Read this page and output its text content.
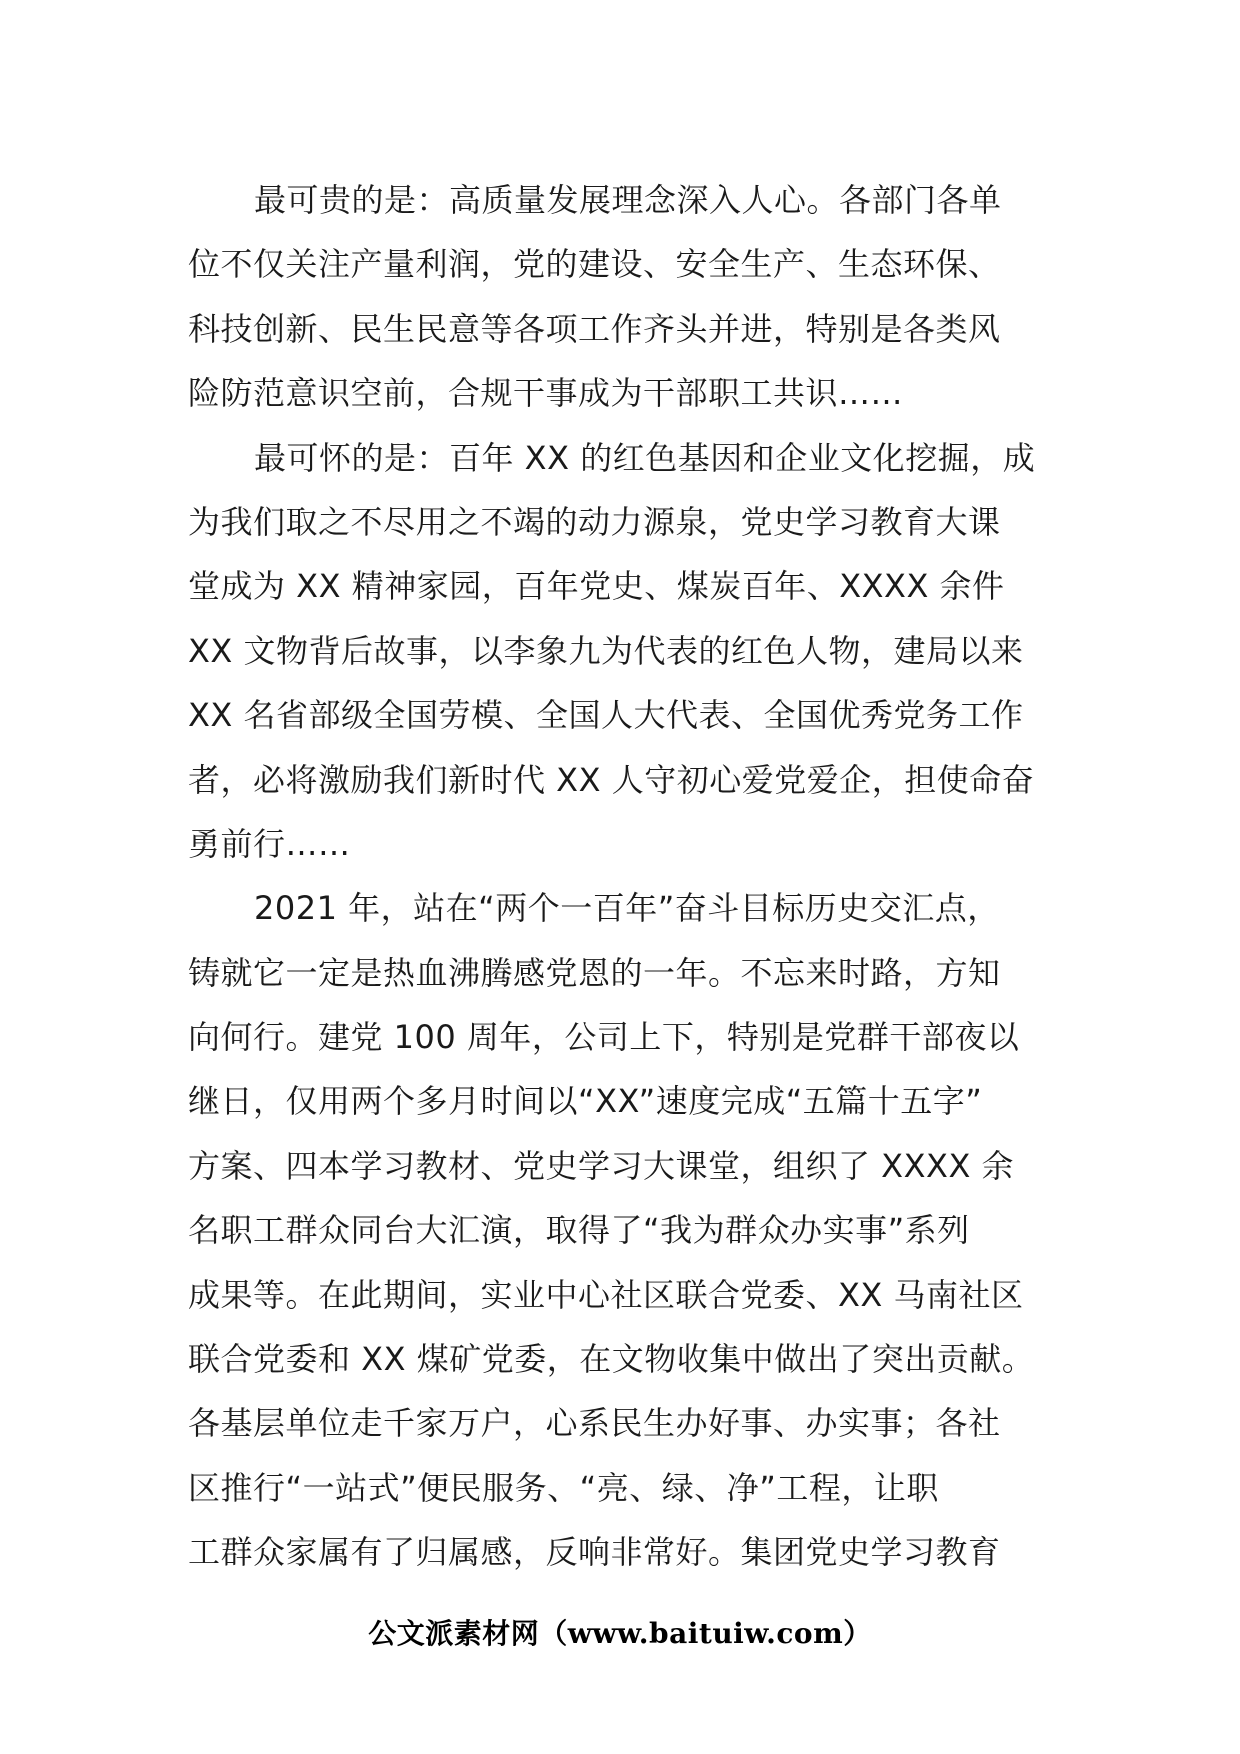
最可贵的是：高质量发展理念深入人心。各部门各单
位不仅关注产量利润，党的建设、安全生产、生态环保、
科技创新、民生民意等各项工作齐头并进，特别是各类风
险防范意识空前，合规干事成为干部职工共识……
最可怀的是：百年 XX 的红色基因和企业文化挖掘，成
为我们取之不尽用之不竭的动力源泉，党史学习教育大课
堂成为 XX 精神家园，百年党史、煤炭百年、XXXX 余件
XX 文物背后故事，以李象九为代表的红色人物，建局以来
XX 名省部级全国劳模、全国人大代表、全国优秀党务工作
者，必将激励我们新时代 XX 人守初心爱党爱企，担使命奋
勇前行……
2021 年，站在“两个一百年”奋斗目标历史交汇点，
铸就它一定是热血沸腾感党恩的一年。不忘来时路，方知
向何行。建党 100 周年，公司上下，特别是党群干部夜以
继日，仅用两个多月时间以“XX”速度完成“五篇十五字”
方案、四本学习教材、党史学习大课堂，组织了 XXXX 余
名职工群众同台大汇演，取得了“我为群众办实事”系列
成果等。在此期间，实业中心社区联合党委、XX 马南社区
联合党委和 XX 煤矿党委，在文物收集中做出了突出贡献。
各基层单位走千家万户，心系民生办好事、办实事；各社
区推行“一站式”便民服务、“亮、绿、净”工程，让职
工群众家属有了归属感，反响非常好。集团党史学习教育
公文派素材网（www.baituiw.com）
